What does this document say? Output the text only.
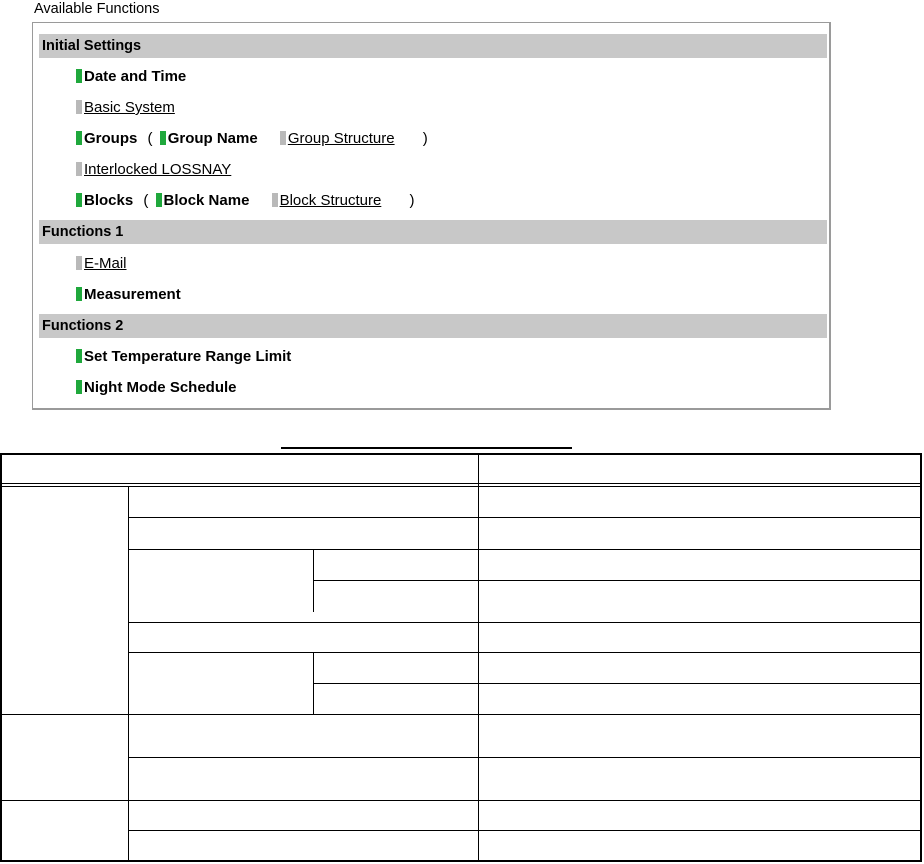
Available Functions
Initial Settings
Date and Time
Basic System
Groups ( Group Name Group Structure )
Interlocked LOSSNAY
Blocks ( Block Name Block Structure )
Functions 1
E-Mail
Measurement
Functions 2
Set Temperature Range Limit
Night Mode Schedule
